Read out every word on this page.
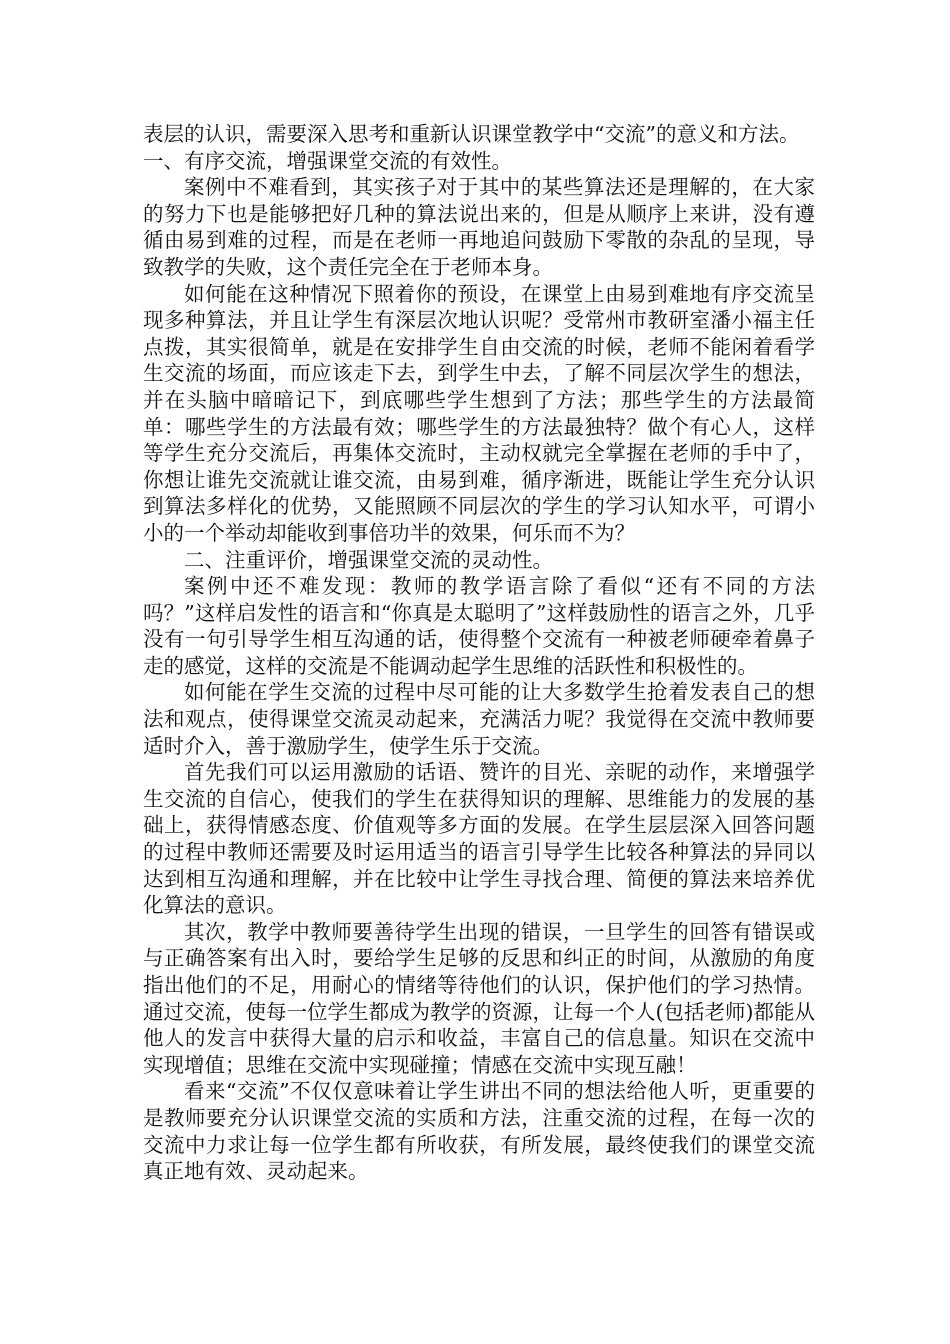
表层的认识，需要深入思考和重新认识课堂教学中“交流”的意义和方法。

一、有序交流，增强课堂交流的有效性。

案例中不难看到，其实孩子对于其中的某些算法还是理解的，在大家的努力下也是能够把好几种的算法说出来的，但是从顺序上来讲，没有遵循由易到难的过程，而是在老师一再地追问鼓励下零散的杂乱的呈现，导致教学的失败，这个责任完全在于老师本身。

如何能在这种情况下照着你的预设，在课堂上由易到难地有序交流呈现多种算法，并且让学生有深层次地认识呢？受常州市教研室潘小福主任点拨，其实很简单，就是在安排学生自由交流的时候，老师不能闲着看学生交流的场面，而应该走下去，到学生中去，了解不同层次学生的想法，并在头脑中暗暗记下，到底哪些学生想到了方法；那些学生的方法最简单：哪些学生的方法最有效；哪些学生的方法最独特？做个有心人，这样等学生充分交流后，再集体交流时，主动权就完全掌握在老师的手中了，你想让谁先交流就让谁交流，由易到难，循序渐进，既能让学生充分认识到算法多样化的优势，又能照顾不同层次的学生的学习认知水平，可谓小小的一个举动却能收到事倍功半的效果，何乐而不为？

二、注重评价，增强课堂交流的灵动性。

案例中还不难发现：教师的教学语言除了看似“还有不同的方法吗？”这样启发性的语言和“你真是太聪明了”这样鼓励性的语言之外，几乎没有一句引导学生相互沟通的话，使得整个交流有一种被老师硬牵着鼻子走的感觉，这样的交流是不能调动起学生思维的活跃性和积极性的。

如何能在学生交流的过程中尽可能的让大多数学生抢着发表自己的想法和观点，使得课堂交流灵动起来，充满活力呢？我觉得在交流中教师要适时介入，善于激励学生，使学生乐于交流。

首先我们可以运用激励的话语、赞许的目光、亲昵的动作，来增强学生交流的自信心，使我们的学生在获得知识的理解、思维能力的发展的基础上，获得情感态度、价值观等多方面的发展。在学生层层深入回答问题的过程中教师还需要及时运用适当的语言引导学生比较各种算法的异同以达到相互沟通和理解，并在比较中让学生寻找合理、简便的算法来培养优化算法的意识。

其次，教学中教师要善待学生出现的错误，一旦学生的回答有错误或与正确答案有出入时，要给学生足够的反思和纠正的时间，从激励的角度指出他们的不足，用耐心的情绪等待他们的认识，保护他们的学习热情。通过交流，使每一位学生都成为教学的资源，让每一个人(包括老师)都能从他人的发言中获得大量的启示和收益，丰富自己的信息量。知识在交流中实现增值；思维在交流中实现碰撞；情感在交流中实现互融！

看来“交流”不仅仅意味着让学生讲出不同的想法给他人听，更重要的是教师要充分认识课堂交流的实质和方法，注重交流的过程，在每一次的交流中力求让每一位学生都有所收获，有所发展，最终使我们的课堂交流真正地有效、灵动起来。
